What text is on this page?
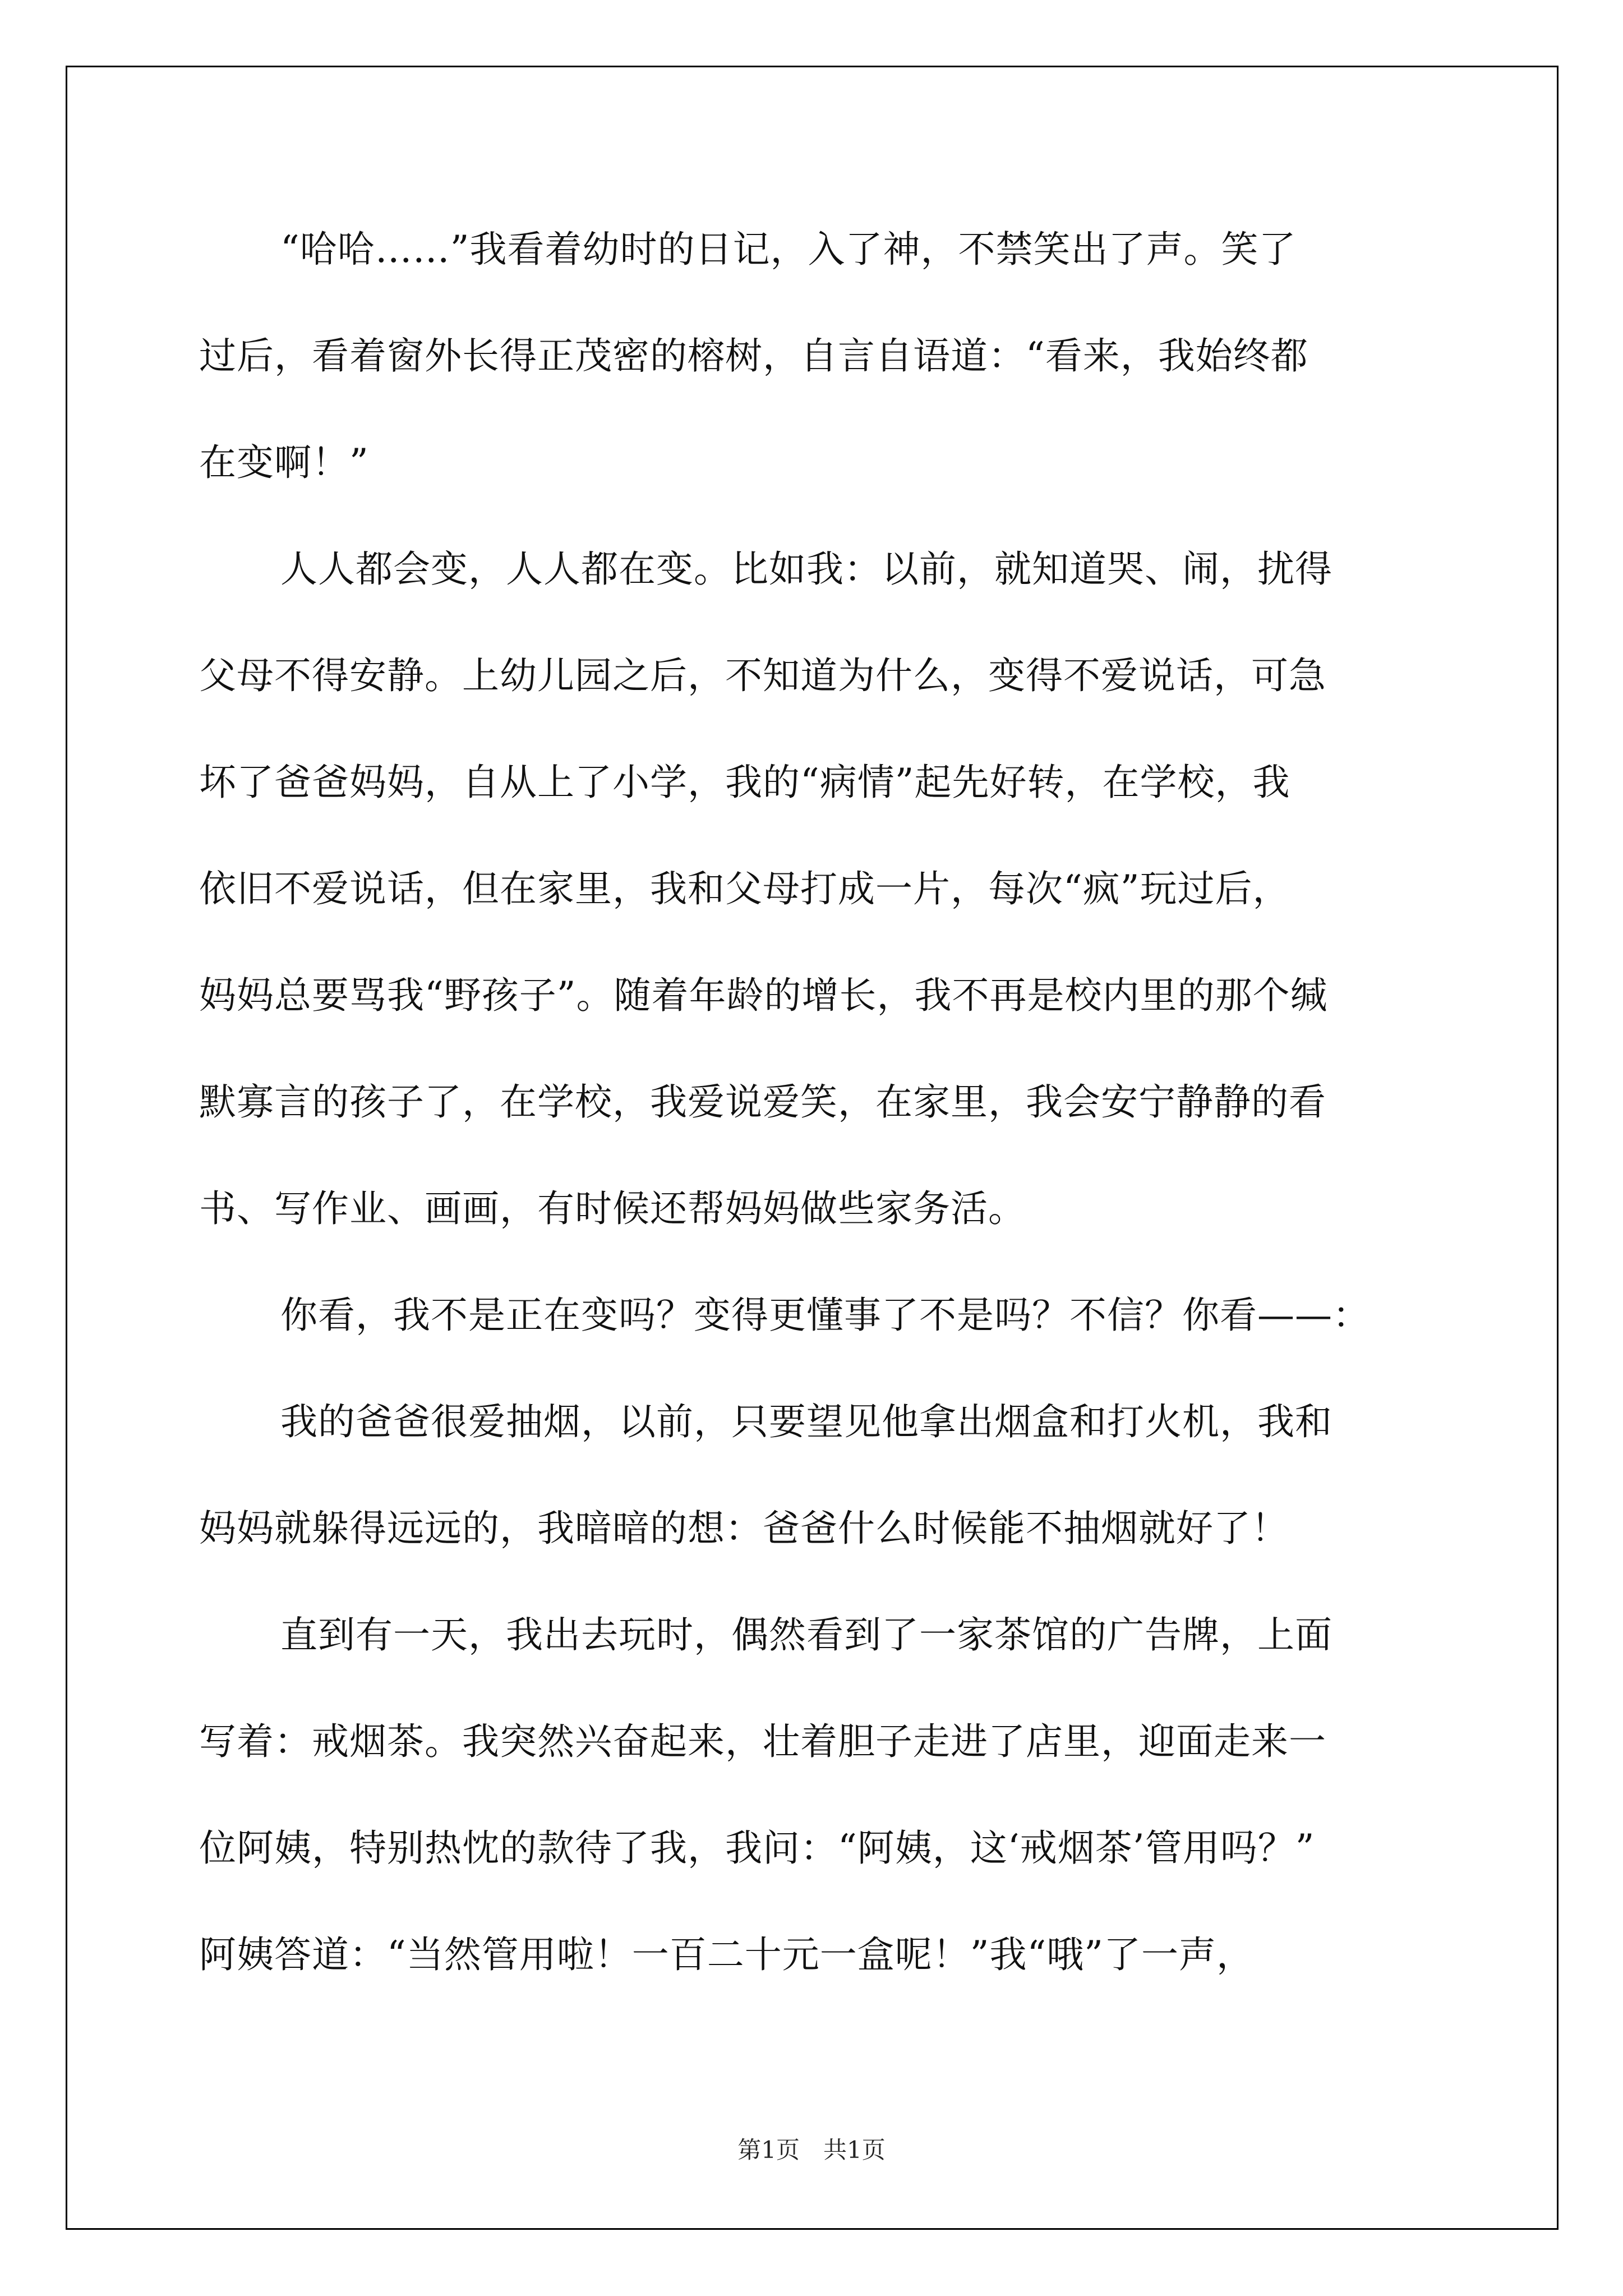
“哈哈……”我看着幼时的日记，入了神，不禁笑出了声。笑了
过后，看着窗外长得正茂密的榕树，自言自语道：“看来，我始终都
在变啊！”
人人都会变，人人都在变。比如我：以前，就知道哭、闹，扰得
父母不得安静。上幼儿园之后，不知道为什么，变得不爱说话，可急
坏了爸爸妈妈，自从上了小学，我的“病情”起先好转，在学校，我
依旧不爱说话，但在家里，我和父母打成一片，每次“疯”玩过后，
妈妈总要骂我“野孩子”。随着年龄的增长，我不再是校内里的那个缄
默寡言的孩子了，在学校，我爱说爱笑，在家里，我会安宁静静的看
书、写作业、画画，有时候还帮妈妈做些家务活。
你看，我不是正在变吗？变得更懂事了不是吗？不信？你看——：
我的爸爸很爱抽烟，以前，只要望见他拿出烟盒和打火机，我和
妈妈就躲得远远的，我暗暗的想：爸爸什么时候能不抽烟就好了！
直到有一天，我出去玩时，偶然看到了一家茶馆的广告牌，上面
写着：戒烟茶。我突然兴奋起来，壮着胆子走进了店里，迎面走来一
位阿姨，特别热忱的款待了我，我问：“阿姨，这‘戒烟茶’管用吗？”
阿姨答道：“当然管用啦！一百二十元一盒呢！”我“哦”了一声，
第1页　共1页
